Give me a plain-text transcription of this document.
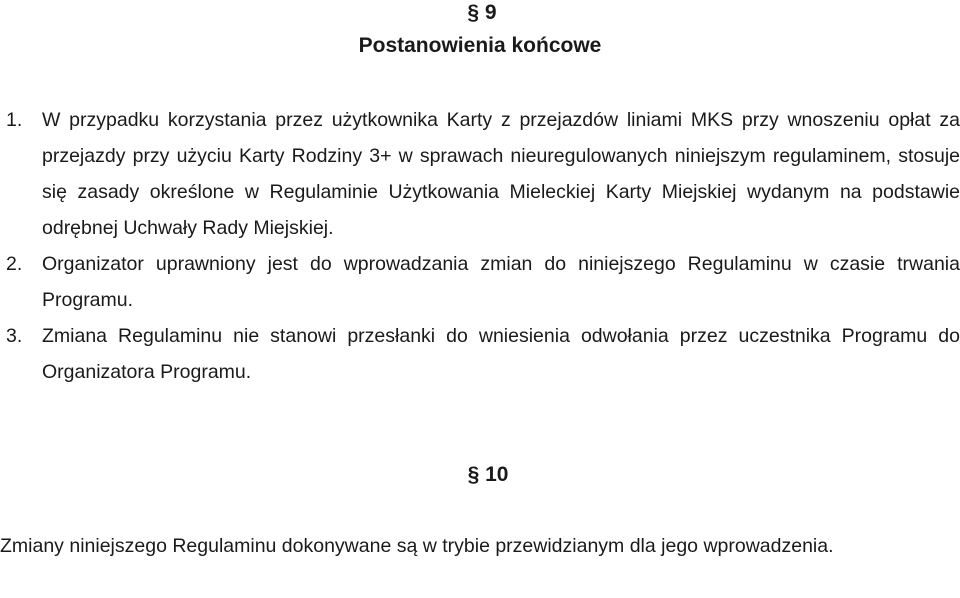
§ 9

Postanowienia końcowe

1. W przypadku korzystania przez użytkownika Karty z przejazdów liniami MKS przy wnoszeniu opłat za przejazdy przy użyciu Karty Rodziny 3+ w sprawach nieuregulowanych niniejszym regulaminem, stosuje się zasady określone w Regulaminie Użytkowania Mieleckiej Karty Miejskiej wydanym na podstawie odrębnej Uchwały Rady Miejskiej.
2. Organizator uprawniony jest do wprowadzania zmian do niniejszego Regulaminu w czasie trwania Programu.
3. Zmiana Regulaminu nie stanowi przesłanki do wniesienia odwołania przez uczestnika Programu do Organizatora Programu.

§ 10

Zmiany niniejszego Regulaminu dokonywane są w trybie przewidzianym dla jego wprowadzenia.
